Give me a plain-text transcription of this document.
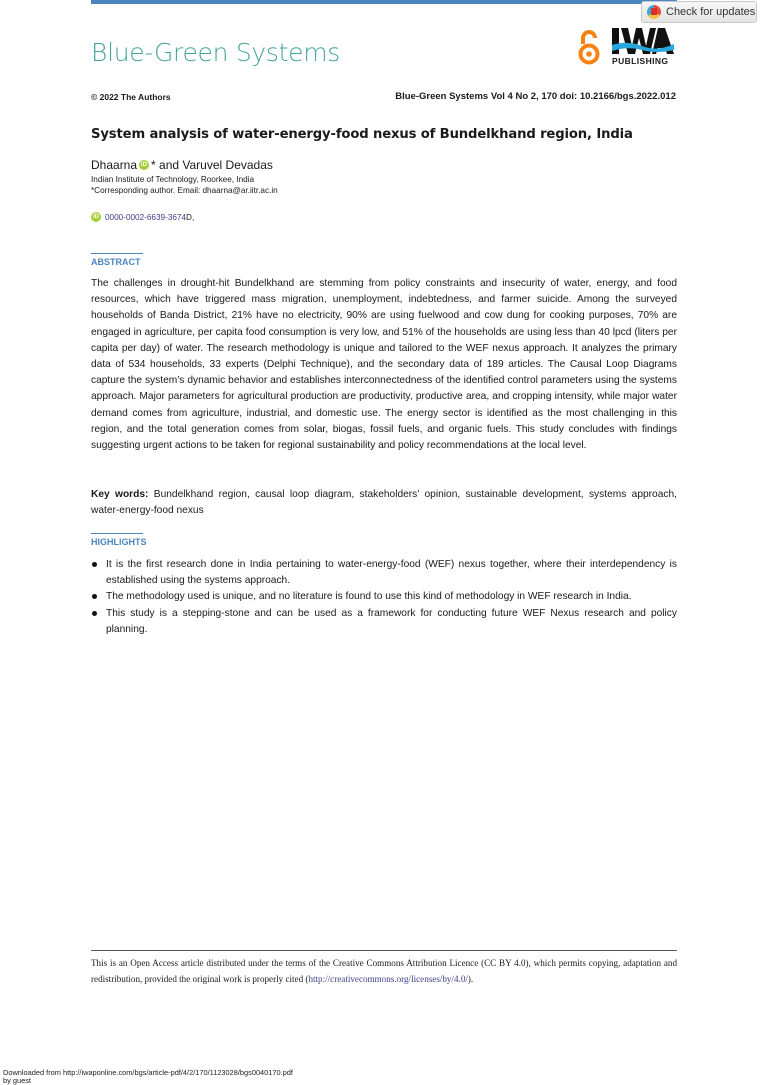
Check for updates
Blue-Green Systems	PUBLISHING
© 2022 The Authors	Blue-Green Systems Vol 4 No 2, 170 doi: 10.2166/bgs.2022.012
System analysis of water-energy-food nexus of Bundelkhand region, India
Dhaarna iD * and Varuvel Devadas
Indian Institute of Technology, Roorkee, India
*Corresponding author. Email: dhaarna@ar.iitr.ac.in
iD 0000-0002-6639-3674 D,
ABSTRACT
The challenges in drought-hit Bundelkhand are stemming from policy constraints and insecurity of water, energy, and food resources, which have triggered mass migration, unemployment, indebtedness, and farmer suicide. Among the surveyed households of Banda District, 21% have no electricity, 90% are using fuelwood and cow dung for cooking purposes, 70% are engaged in agriculture, per capita food consumption is very low, and 51% of the households are using less than 40 lpcd (liters per capita per day) of water. The research methodology is unique and tailored to the WEF nexus approach. It analyzes the primary data of 534 households, 33 experts (Delphi Technique), and the secondary data of 189 articles. The Causal Loop Diagrams capture the system’s dynamic behavior and establishes interconnectedness of the identified control parameters using the systems approach. Major parameters for agricultural production are productivity, productive area, and cropping intensity, while major water demand comes from agriculture, industrial, and domestic use. The energy sector is identified as the most challenging in this region, and the total generation comes from solar, biogas, fossil fuels, and organic fuels. This study concludes with findings suggesting urgent actions to be taken for regional sustainability and policy recommendations at the local level.
Key words: Bundelkhand region, causal loop diagram, stakeholders’ opinion, sustainable development, systems approach, water-energy-food nexus
HIGHLIGHTS
It is the first research done in India pertaining to water-energy-food (WEF) nexus together, where their interdependency is established using the systems approach.
The methodology used is unique, and no literature is found to use this kind of methodology in WEF research in India.
This study is a stepping-stone and can be used as a framework for conducting future WEF Nexus research and policy planning.
This is an Open Access article distributed under the terms of the Creative Commons Attribution Licence (CC BY 4.0), which permits copying, adaptation and redistribution, provided the original work is properly cited (http://creativecommons.org/licenses/by/4.0/).
Downloaded from http://iwaponline.com/bgs/article-pdf/4/2/170/1123028/bgs0040170.pdf
by guest
